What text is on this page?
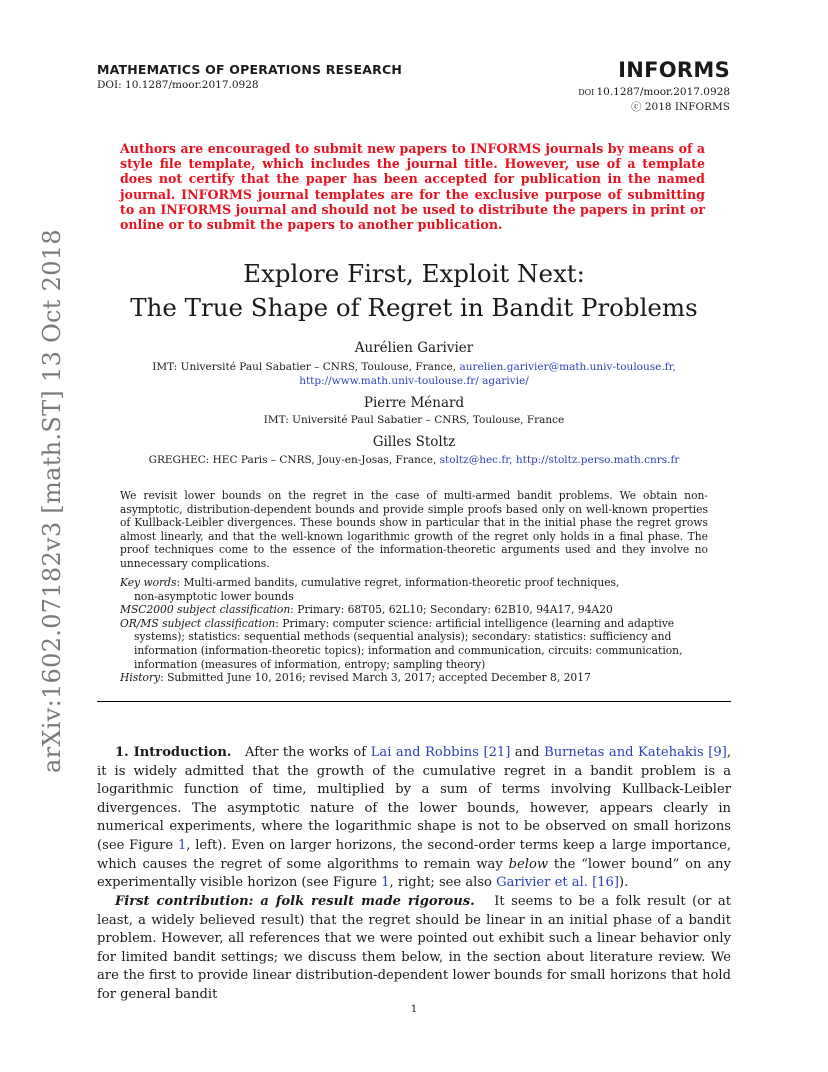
MATHEMATICS OF OPERATIONS RESEARCH
DOI: 10.1287/moor.2017.0928
INFORMS
DOI  10.1287/moor.2017.0928
ⓒ 2018 INFORMS
Authors are encouraged to submit new papers to INFORMS journals by means of a style file template, which includes the journal title. However, use of a template does not certify that the paper has been accepted for publication in the named journal. INFORMS journal templates are for the exclusive purpose of submitting to an INFORMS journal and should not be used to distribute the papers in print or online or to submit the papers to another publication.
Explore First, Exploit Next:
The True Shape of Regret in Bandit Problems
Aurélien Garivier
IMT: Université Paul Sabatier – CNRS, Toulouse, France, aurelien.garivier@math.univ-toulouse.fr,
http://www.math.univ-toulouse.fr/ agarivie/
Pierre Ménard
IMT: Université Paul Sabatier – CNRS, Toulouse, France
Gilles Stoltz
GREGHEC: HEC Paris – CNRS, Jouy-en-Josas, France, stoltz@hec.fr, http://stoltz.perso.math.cnrs.fr
We revisit lower bounds on the regret in the case of multi-armed bandit problems. We obtain non-asymptotic, distribution-dependent bounds and provide simple proofs based only on well-known properties of Kullback-Leibler divergences. These bounds show in particular that in the initial phase the regret grows almost linearly, and that the well-known logarithmic growth of the regret only holds in a final phase. The proof techniques come to the essence of the information-theoretic arguments used and they involve no unnecessary complications.
Key words: Multi-armed bandits, cumulative regret, information-theoretic proof techniques,
non-asymptotic lower bounds
MSC2000 subject classification: Primary: 68T05, 62L10; Secondary: 62B10, 94A17, 94A20
OR/MS subject classification: Primary: computer science: artificial intelligence (learning and adaptive
systems); statistics: sequential methods (sequential analysis); secondary: statistics: sufficiency and
information (information-theoretic topics); information and communication, circuits: communication,
information (measures of information, entropy; sampling theory)
History: Submitted June 10, 2016; revised March 3, 2017; accepted December 8, 2017
1. Introduction. After the works of Lai and Robbins [21] and Burnetas and Katehakis [9], it is widely admitted that the growth of the cumulative regret in a bandit problem is a logarithmic function of time, multiplied by a sum of terms involving Kullback-Leibler divergences. The asymptotic nature of the lower bounds, however, appears clearly in numerical experiments, where the logarithmic shape is not to be observed on small horizons (see Figure 1, left). Even on larger horizons, the second-order terms keep a large importance, which causes the regret of some algorithms to remain way below the “lower bound” on any experimentally visible horizon (see Figure 1, right; see also Garivier et al. [16]).
First contribution: a folk result made rigorous. It seems to be a folk result (or at least, a widely believed result) that the regret should be linear in an initial phase of a bandit problem. However, all references that we were pointed out exhibit such a linear behavior only for limited bandit settings; we discuss them below, in the section about literature review. We are the first to provide linear distribution-dependent lower bounds for small horizons that hold for general bandit
arXiv:1602.07182v3 [math.ST] 13 Oct 2018
1
